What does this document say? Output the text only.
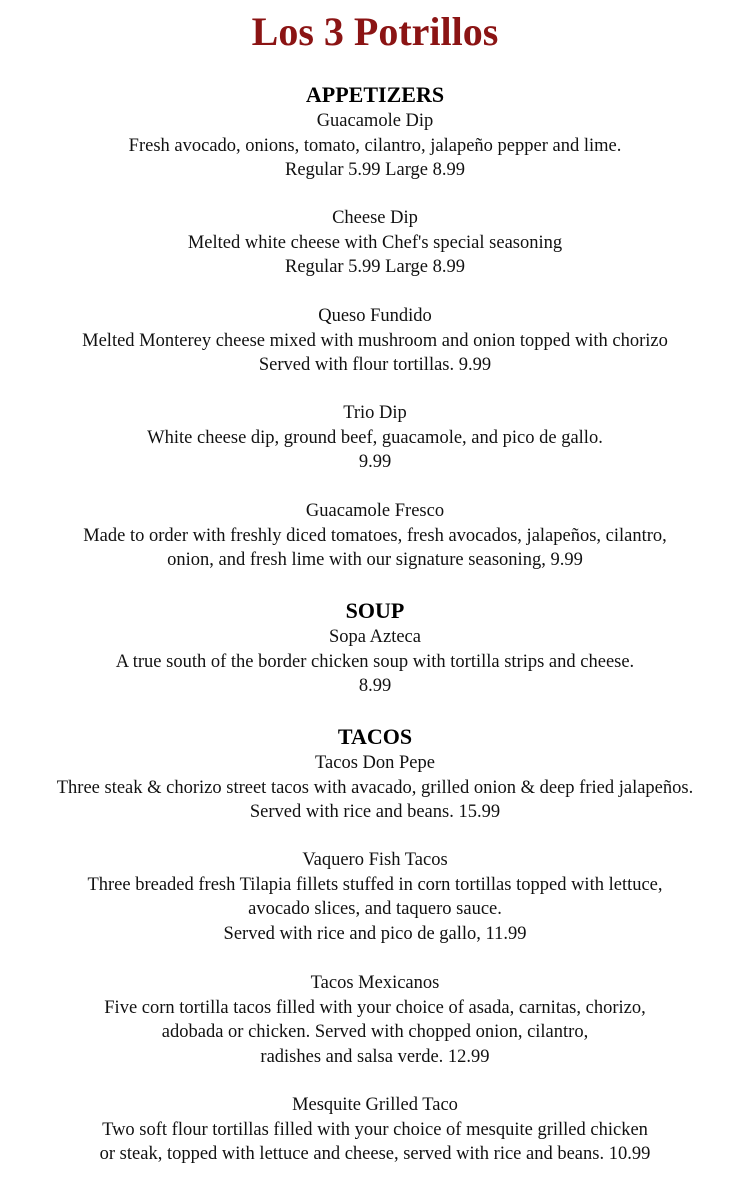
Los 3 Potrillos
APPETIZERS
Guacamole Dip
Fresh avocado, onions, tomato, cilantro, jalapeño pepper and lime.
Regular 5.99 Large 8.99
Cheese Dip
Melted white cheese with Chef's special seasoning
Regular 5.99 Large 8.99
Queso Fundido
Melted Monterey cheese mixed with mushroom and onion topped with chorizo
Served with flour tortillas. 9.99
Trio Dip
White cheese dip, ground beef, guacamole, and pico de gallo.
9.99
Guacamole Fresco
Made to order with freshly diced tomatoes, fresh avocados, jalapeños, cilantro,
onion, and fresh lime with our signature seasoning, 9.99
SOUP
Sopa Azteca
A true south of the border chicken soup with tortilla strips and cheese.
8.99
TACOS
Tacos Don Pepe
Three steak & chorizo street tacos with avacado, grilled onion & deep fried jalapeños.
Served with rice and beans. 15.99
Vaquero Fish Tacos
Three breaded fresh Tilapia fillets stuffed in corn tortillas topped with lettuce,
avocado slices, and taquero sauce.
Served with rice and pico de gallo, 11.99
Tacos Mexicanos
Five corn tortilla tacos filled with your choice of asada, carnitas, chorizo,
adobada or chicken. Served with chopped onion, cilantro,
radishes and salsa verde. 12.99
Mesquite Grilled Taco
Two soft flour tortillas filled with your choice of mesquite grilled chicken
or steak, topped with lettuce and cheese, served with rice and beans. 10.99
